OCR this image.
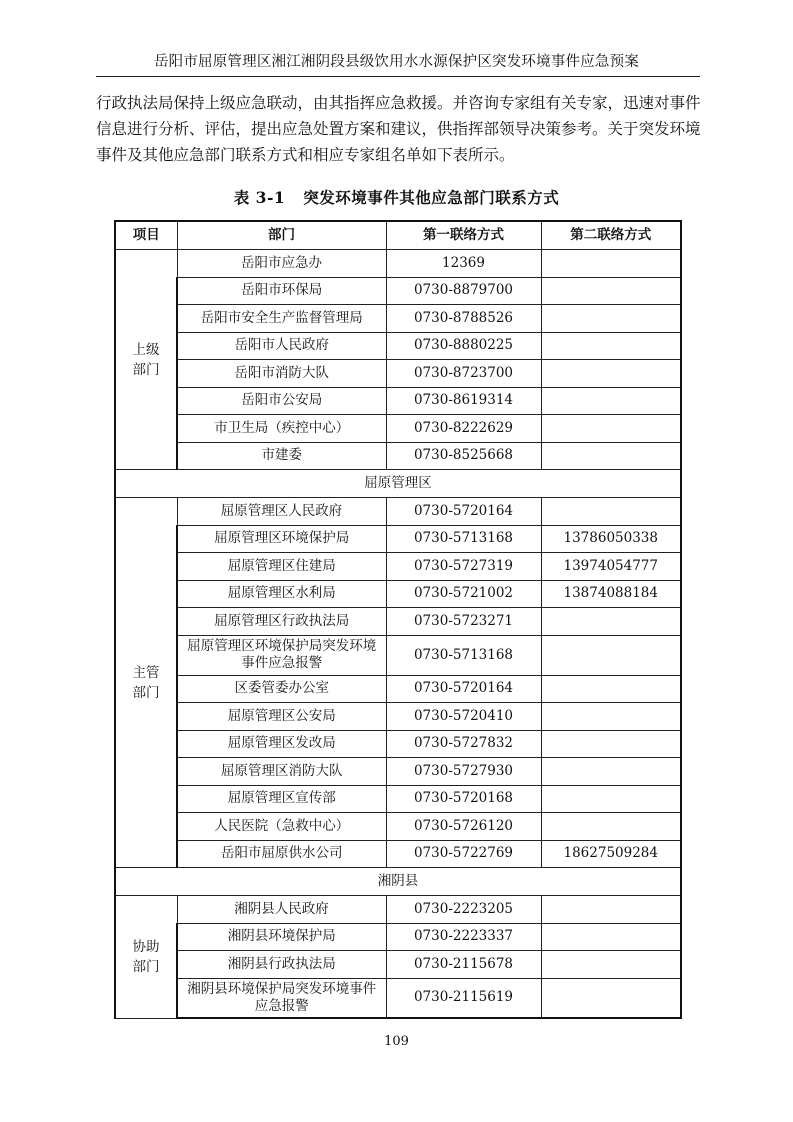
岳阳市屈原管理区湘江湘阴段县级饮用水水源保护区突发环境事件应急预案

行政执法局保持上级应急联动，由其指挥应急救援。并咨询专家组有关专家，迅速对事件信息进行分析、评估，提出应急处置方案和建议，供指挥部领导决策参考。关于突发环境事件及其他应急部门联系方式和相应专家组名单如下表所示。

表 3-1 突发环境事件其他应急部门联系方式
项目	部门	第一联络方式	第二联络方式
上级部门	岳阳市应急办	12369	
	岳阳市环保局	0730-8879700	
	岳阳市安全生产监督管理局	0730-8788526	
	岳阳市人民政府	0730-8880225	
	岳阳市消防大队	0730-8723700	
	岳阳市公安局	0730-8619314	
	市卫生局（疾控中心）	0730-8222629	
	市建委	0730-8525668	
屈原管理区			
主管部门	屈原管理区人民政府	0730-5720164	
	屈原管理区环境保护局	0730-5713168	13786050338
	屈原管理区住建局	0730-5727319	13974054777
	屈原管理区水利局	0730-5721002	13874088184
	屈原管理区行政执法局	0730-5723271	
	屈原管理区环境保护局突发环境事件应急报警	0730-5713168	
	区委管委办公室	0730-5720164	
	屈原管理区公安局	0730-5720410	
	屈原管理区发改局	0730-5727832	
	屈原管理区消防大队	0730-5727930	
	屈原管理区宣传部	0730-5720168	
	人民医院（急救中心）	0730-5726120	
	岳阳市屈原供水公司	0730-5722769	18627509284
湘阴县			
协助部门	湘阴县人民政府	0730-2223205	
	湘阴县环境保护局	0730-2223337	
	湘阴县行政执法局	0730-2115678	
	湘阴县环境保护局突发环境事件应急报警	0730-2115619	
109
